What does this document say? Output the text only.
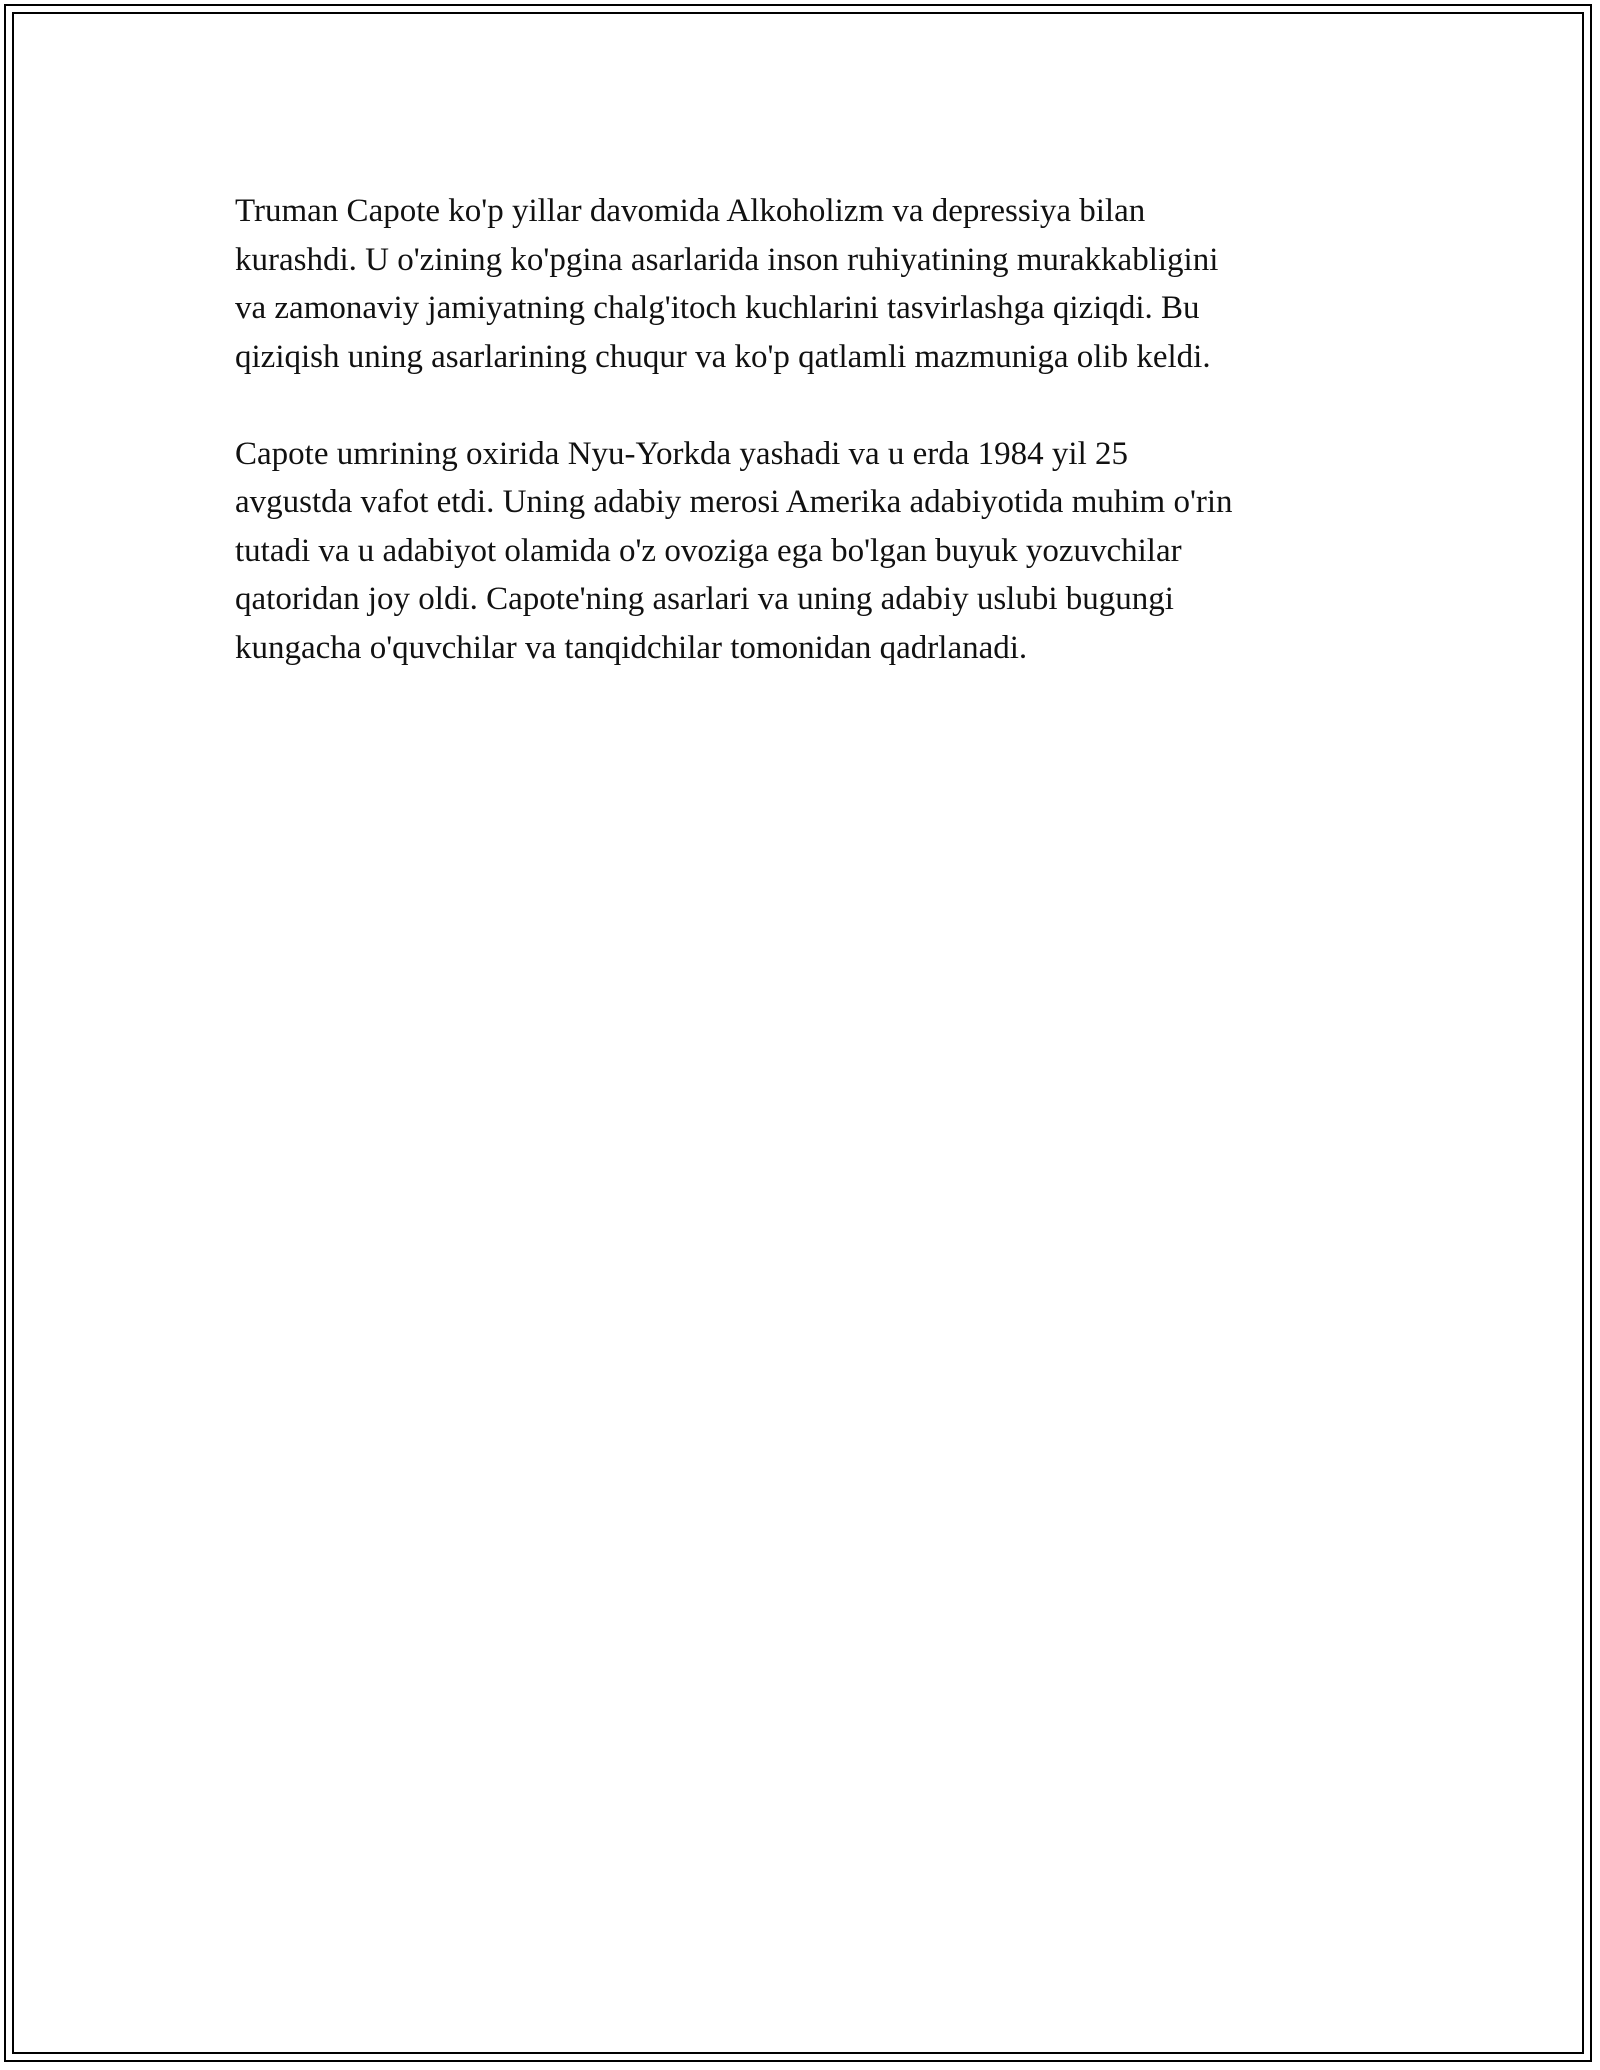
Truman Capote ko'p yillar davomida Alkoholizm va depressiya bilan
kurashdi. U o'zining ko'pgina asarlarida inson ruhiyatining murakkabligini
va zamonaviy jamiyatning chalg'itoch kuchlarini tasvirlashga qiziqdi. Bu
qiziqish uning asarlarining chuqur va ko'p qatlamli mazmuniga olib keldi.

Capote umrining oxirida Nyu-Yorkda yashadi va u erda 1984 yil 25
avgustda vafot etdi. Uning adabiy merosi Amerika adabiyotida muhim o'rin
tutadi va u adabiyot olamida o'z ovoziga ega bo'lgan buyuk yozuvchilar
qatoridan joy oldi. Capote'ning asarlari va uning adabiy uslubi bugungi
kungacha o'quvchilar va tanqidchilar tomonidan qadrlanadi.
